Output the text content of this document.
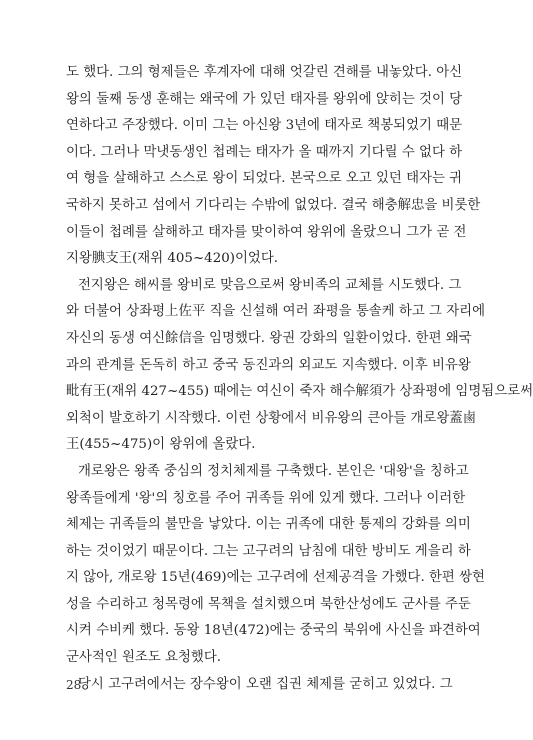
도 했다. 그의 형제들은 후계자에 대해 엇갈린 견해를 내놓았다. 아신
왕의 둘째 동생 훈해는 왜국에 가 있던 태자를 왕위에 앉히는 것이 당
연하다고 주장했다. 이미 그는 아신왕 3년에 태자로 책봉되었기 때문
이다. 그러나 막냇동생인 첩례는 태자가 올 때까지 기다릴 수 없다 하
여 형을 살해하고 스스로 왕이 되었다. 본국으로 오고 있던 태자는 귀
국하지 못하고 섬에서 기다리는 수밖에 없었다. 결국 해충解忠을 비롯한
이들이 첩례를 살해하고 태자를 맞이하여 왕위에 올랐으니 그가 곧 전
지왕腆支王(재위 405~420)이었다.
전지왕은 해씨를 왕비로 맞음으로써 왕비족의 교체를 시도했다. 그
와 더불어 상좌평上佐平 직을 신설해 여러 좌평을 통솔케 하고 그 자리에
자신의 동생 여신餘信을 임명했다. 왕권 강화의 일환이었다. 한편 왜국
과의 관계를 돈독히 하고 중국 동진과의 외교도 지속했다. 이후 비유왕
毗有王(재위 427~455) 때에는 여신이 죽자 해수解須가 상좌평에 임명됨으로써
외척이 발호하기 시작했다. 이런 상황에서 비유왕의 큰아들 개로왕蓋鹵
王(455~475)이 왕위에 올랐다.
개로왕은 왕족 중심의 정치체제를 구축했다. 본인은 '대왕'을 칭하고
왕족들에게 '왕'의 칭호를 주어 귀족들 위에 있게 했다. 그러나 이러한
체제는 귀족들의 불만을 낳았다. 이는 귀족에 대한 통제의 강화를 의미
하는 것이었기 때문이다. 그는 고구려의 남침에 대한 방비도 게을리 하
지 않아, 개로왕 15년(469)에는 고구려에 선제공격을 가했다. 한편 쌍현
성을 수리하고 청목령에 목책을 설치했으며 북한산성에도 군사를 주둔
시켜 수비케 했다. 동왕 18년(472)에는 중국의 북위에 사신을 파견하여
군사적인 원조도 요청했다.
당시 고구려에서는 장수왕이 오랜 집권 체제를 굳히고 있었다. 그
28
